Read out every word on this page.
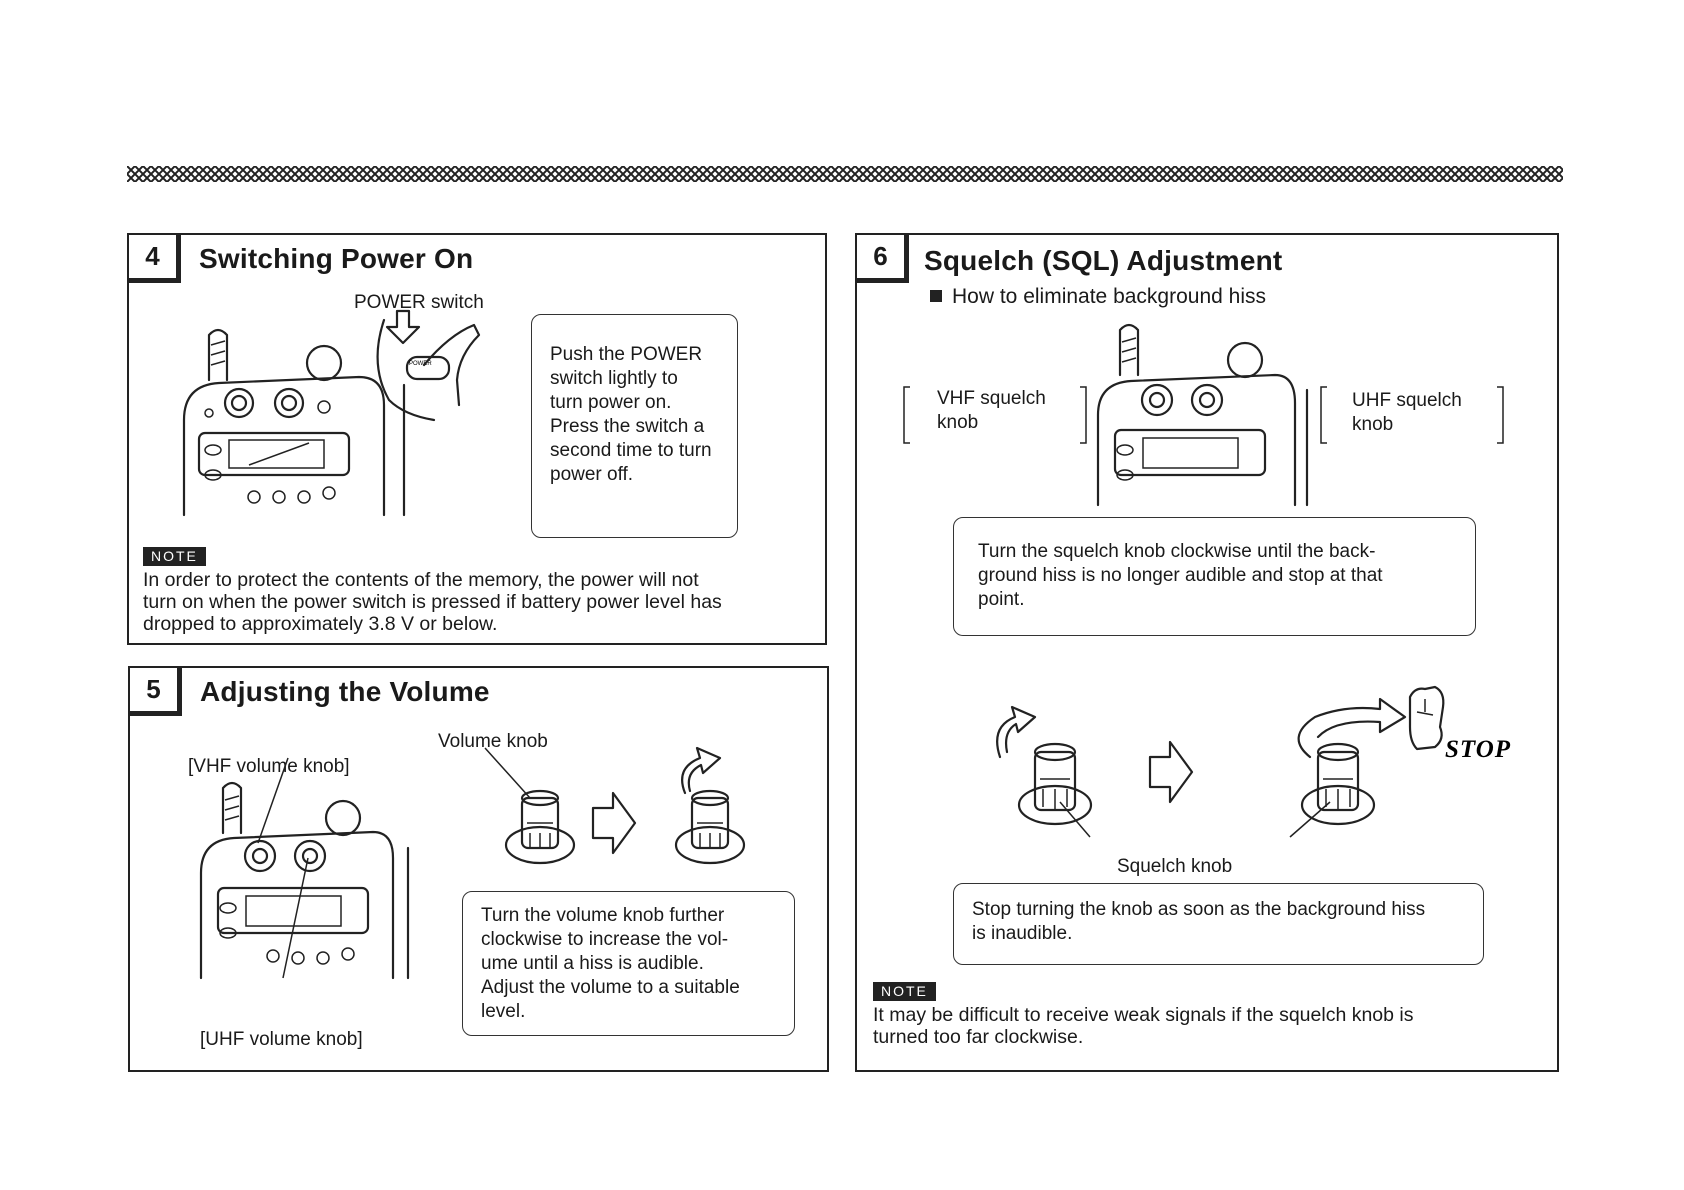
4	Switching Power On
POWER switch
POWER	Push the POWER
switch lightly to
turn power on.
Press the switch a
second time to turn
power off.
NOTE
In order to protect the contents of the memory, the power will not
turn on when the power switch is pressed if battery power level has
dropped to approximately 3.8 V or below.
5	Adjusting the Volume
[VHF volume knob]
Volume knob
[UHF volume knob]
Turn the volume knob further
clockwise to increase the vol-
ume until a hiss is audible.
Adjust the volume to a suitable
level.
6	Squelch (SQL) Adjustment
How to eliminate background hiss
VHF squelch
knob
UHF squelch
knob
Turn the squelch knob clockwise until the back-
ground hiss is no longer audible and stop at that
point.
STOP
Squelch knob
Stop turning the knob as soon as the background hiss
is inaudible.
NOTE
It may be difficult to receive weak signals if the squelch knob is
turned too far clockwise.
